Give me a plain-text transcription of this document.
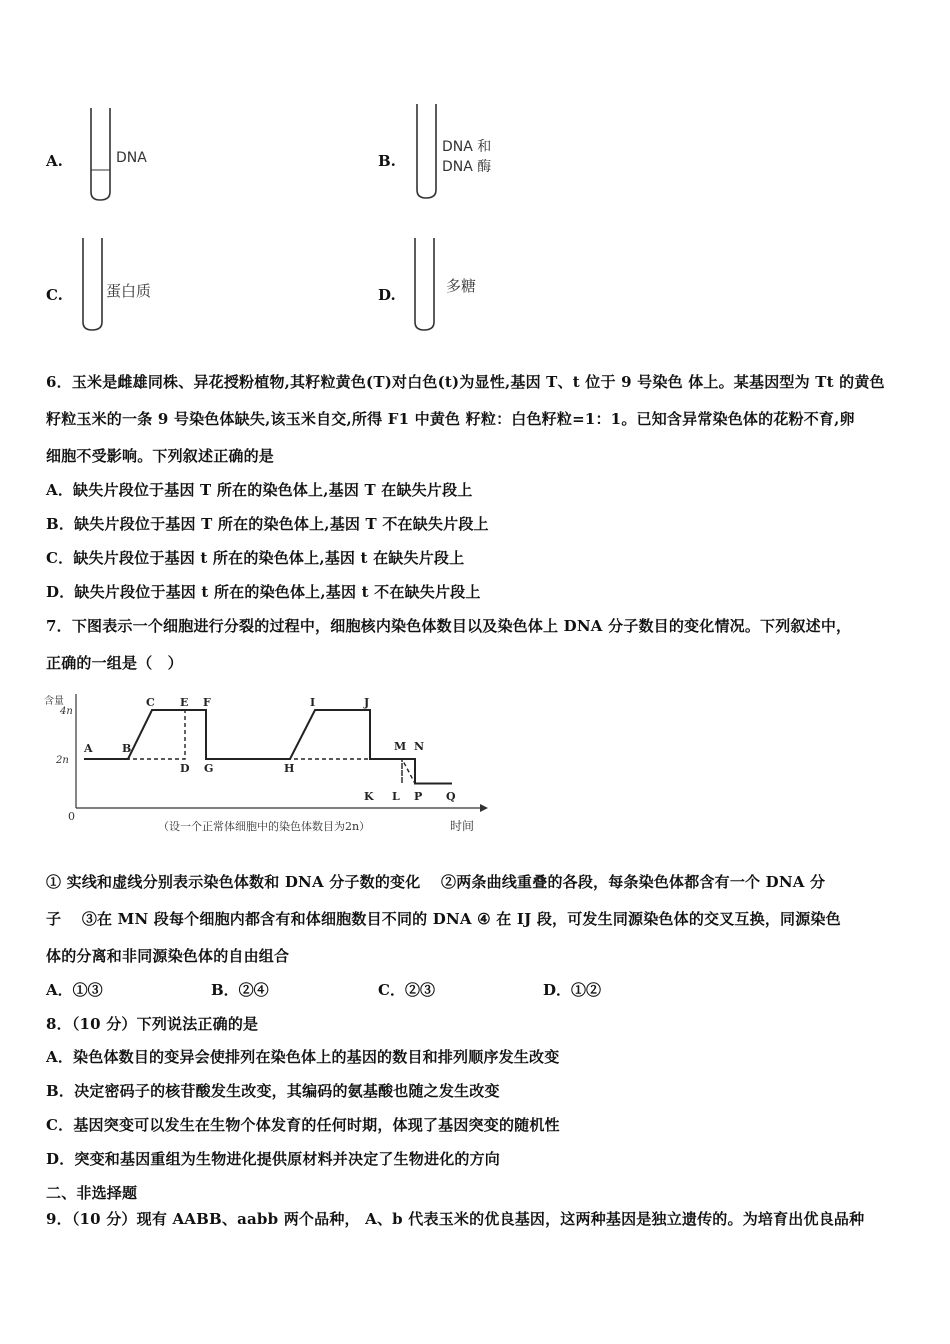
A.	DNA	B.
DNA 和
DNA 酶
C.	蛋白质	D.	多糖
6．玉米是雌雄同株、异花授粉植物,其籽粒黄色(T)对白色(t)为显性,基因 T、t 位于 9 号染色 体上。某基因型为 Tt 的黄色
籽粒玉米的一条 9 号染色体缺失,该玉米自交,所得 F1 中黄色 籽粒：白色籽粒=1：1。已知含异常染色体的花粉不育,卵
细胞不受影响。下列叙述正确的是
A．缺失片段位于基因 T 所在的染色体上,基因 T 在缺失片段上
B．缺失片段位于基因 T 所在的染色体上,基因 T 不在缺失片段上
C．缺失片段位于基因 t 所在的染色体上,基因 t 在缺失片段上
D．缺失片段位于基因 t 所在的染色体上,基因 t 不在缺失片段上
7．下图表示一个细胞进行分裂的过程中，细胞核内染色体数目以及染色体上 DNA 分子数目的变化情况。下列叙述中，
正确的一组是（　）
含量
时间
0
2n
4n
（设一个正常体细胞中的染色体数目为2n）
A	B
C E F
D G	H
I	J
M N
K L P Q
① 实线和虚线分别表示染色体数和 DNA 分子数的变化　 ②两条曲线重叠的各段，每条染色体都含有一个 DNA 分
子　 ③在 MN 段每个细胞内都含有和体细胞数目不同的 DNA ④ 在 IJ 段，可发生同源染色体的交叉互换，同源染色
体的分离和非同源染色体的自由组合
A．①③	B．②④	C．②③	D．①②
8．（10 分）下列说法正确的是
A．染色体数目的变异会使排列在染色体上的基因的数目和排列顺序发生改变
B．决定密码子的核苷酸发生改变，其编码的氨基酸也随之发生改变
C．基因突变可以发生在生物个体发育的任何时期，体现了基因突变的随机性
D．突变和基因重组为生物进化提供原材料并决定了生物进化的方向
二、非选择题
9．（10 分）现有 AABB、aabb 两个品种， A、b 代表玉米的优良基因，这两种基因是独立遗传的。为培育出优良品种
